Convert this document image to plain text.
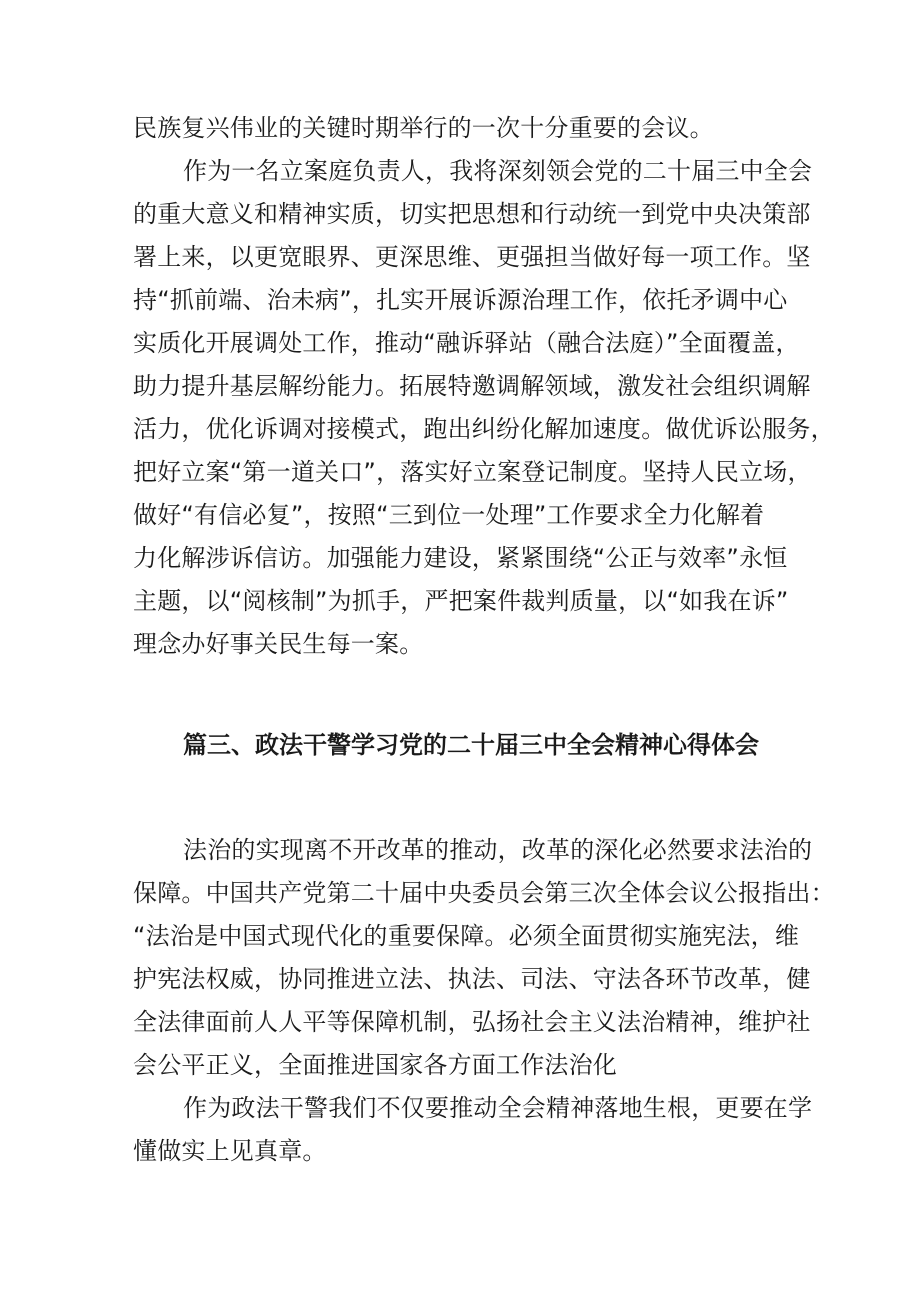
民族复兴伟业的关键时期举行的一次十分重要的会议。
作为一名立案庭负责人，我将深刻领会党的二十届三中全会
的重大意义和精神实质，切实把思想和行动统一到党中央决策部
署上来，以更宽眼界、更深思维、更强担当做好每一项工作。坚
持“抓前端、治未病”，扎实开展诉源治理工作，依托矛调中心
实质化开展调处工作，推动“融诉驿站（融合法庭）”全面覆盖，
助力提升基层解纷能力。拓展特邀调解领域，激发社会组织调解
活力，优化诉调对接模式，跑出纠纷化解加速度。做优诉讼服务，
把好立案“第一道关口”，落实好立案登记制度。坚持人民立场，
做好“有信必复”，按照“三到位一处理”工作要求全力化解着
力化解涉诉信访。加强能力建设，紧紧围绕“公正与效率”永恒
主题，以“阅核制”为抓手，严把案件裁判质量，以“如我在诉”
理念办好事关民生每一案。
篇三、政法干警学习党的二十届三中全会精神心得体会
法治的实现离不开改革的推动，改革的深化必然要求法治的
保障。中国共产党第二十届中央委员会第三次全体会议公报指出：
“法治是中国式现代化的重要保障。必须全面贯彻实施宪法，维
护宪法权威，协同推进立法、执法、司法、守法各环节改革，健
全法律面前人人平等保障机制，弘扬社会主义法治精神，维护社
会公平正义，全面推进国家各方面工作法治化
作为政法干警我们不仅要推动全会精神落地生根，更要在学
懂做实上见真章。
